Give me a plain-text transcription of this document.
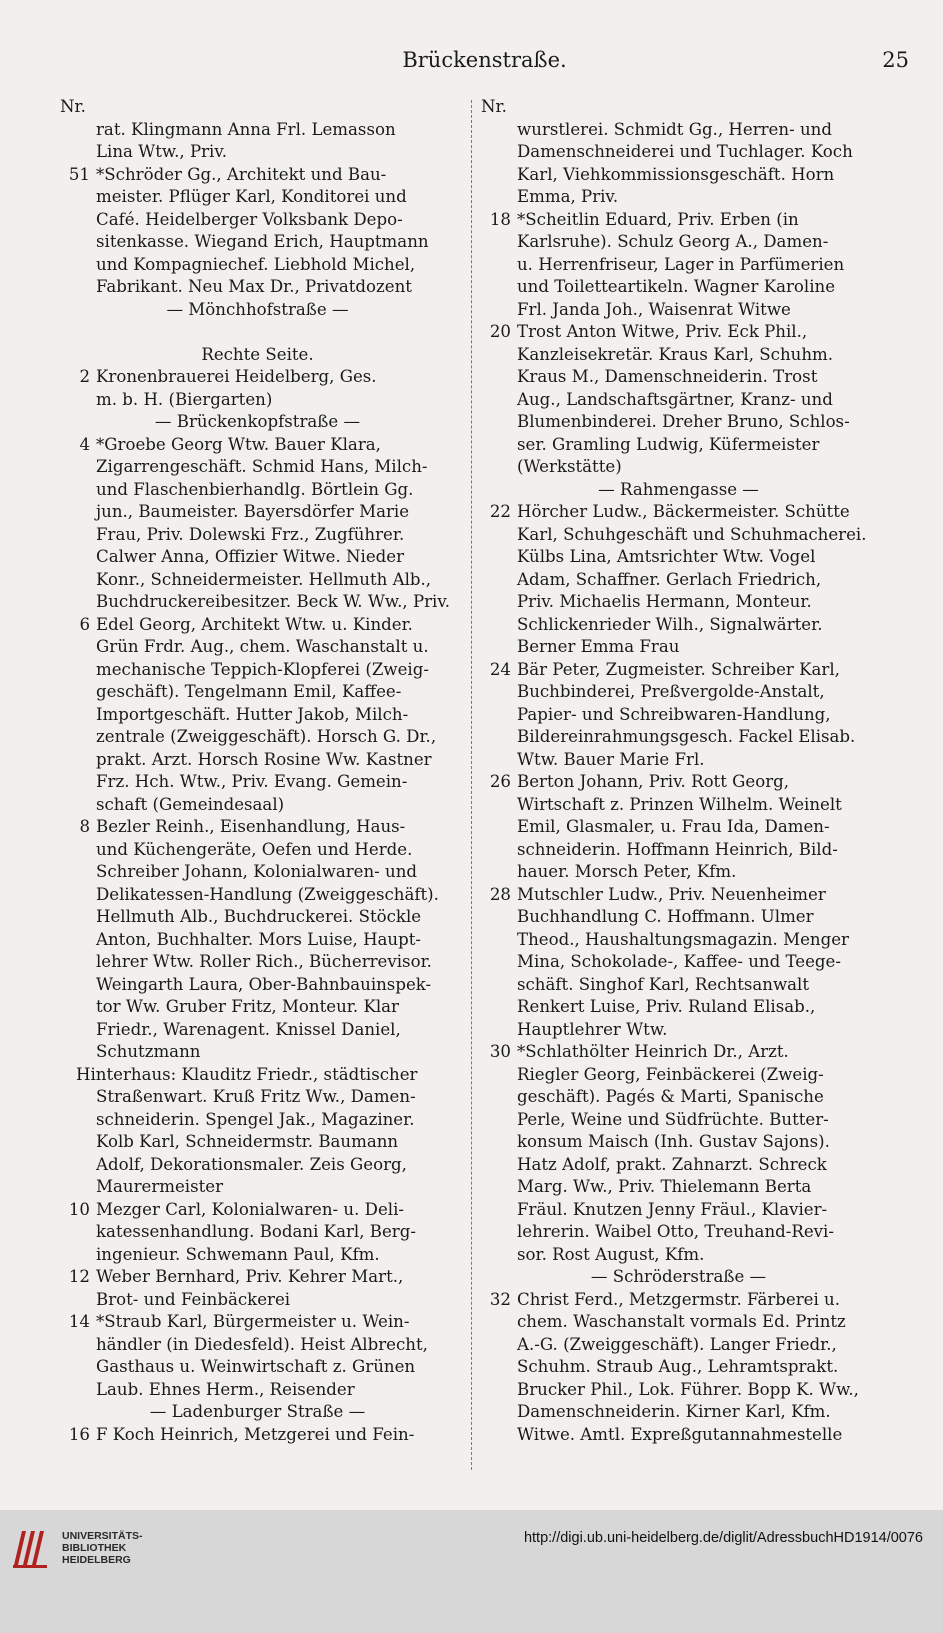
Brückenstraße.	25
Nr.
rat. Klingmann Anna Frl. Lemasson
Lina Wtw., Priv.
51 *Schröder Gg., Architekt und Bau-
meister. Pflüger Karl, Konditorei und
Café. Heidelberger Volksbank Depo-
sitenkasse. Wiegand Erich, Hauptmann
und Kompagniechef. Liebhold Michel,
Fabrikant. Neu Max Dr., Privatdozent
— Mönchhofstraße —
Rechte Seite.
2 Kronenbrauerei Heidelberg, Ges.
m. b. H. (Biergarten)
— Brückenkopfstraße —
4 *Groebe Georg Wtw. Bauer Klara,
Zigarrengeschäft. Schmid Hans, Milch-
und Flaschenbierhandlg. Börtlein Gg.
jun., Baumeister. Bayersdörfer Marie
Frau, Priv. Dolewski Frz., Zugführer.
Calwer Anna, Offizier Witwe. Nieder
Konr., Schneidermeister. Hellmuth Alb.,
Buchdruckereibesitzer. Beck W. Ww., Priv.
6 Edel Georg, Architekt Wtw. u. Kinder.
Grün Frdr. Aug., chem. Waschanstalt u.
mechanische Teppich-Klopferei (Zweig-
geschäft). Tengelmann Emil, Kaffee-
Importgeschäft. Hutter Jakob, Milch-
zentrale (Zweiggeschäft). Horsch G. Dr.,
prakt. Arzt. Horsch Rosine Ww. Kastner
Frz. Hch. Wtw., Priv. Evang. Gemein-
schaft (Gemeindesaal)
8 Bezler Reinh., Eisenhandlung, Haus-
und Küchengeräte, Oefen und Herde.
Schreiber Johann, Kolonialwaren- und
Delikatessen-Handlung (Zweiggeschäft).
Hellmuth Alb., Buchdruckerei. Stöckle
Anton, Buchhalter. Mors Luise, Haupt-
lehrer Wtw. Roller Rich., Bücherrevisor.
Weingarth Laura, Ober-Bahnbauinspek-
tor Ww. Gruber Fritz, Monteur. Klar
Friedr., Warenagent. Knissel Daniel,
Schutzmann
Hinterhaus: Klauditz Friedr., städtischer
Straßenwart. Kruß Fritz Ww., Damen-
schneiderin. Spengel Jak., Magaziner.
Kolb Karl, Schneidermstr. Baumann
Adolf, Dekorationsmaler. Zeis Georg,
Maurermeister
10 Mezger Carl, Kolonialwaren- u. Deli-
katessenhandlung. Bodani Karl, Berg-
ingenieur. Schwemann Paul, Kfm.
12 Weber Bernhard, Priv. Kehrer Mart.,
Brot- und Feinbäckerei
14 *Straub Karl, Bürgermeister u. Wein-
händler (in Diedesfeld). Heist Albrecht,
Gasthaus u. Weinwirtschaft z. Grünen
Laub. Ehnes Herm., Reisender
— Ladenburger Straße —
16 F Koch Heinrich, Metzgerei und Fein-
Nr.
wurstlerei. Schmidt Gg., Herren- und
Damenschneiderei und Tuchlager. Koch
Karl, Viehkommissionsgeschäft. Horn
Emma, Priv.
18 *Scheitlin Eduard, Priv. Erben (in
Karlsruhe). Schulz Georg A., Damen-
u. Herrenfriseur, Lager in Parfümerien
und Toiletteartikeln. Wagner Karoline
Frl. Janda Joh., Waisenrat Witwe
20 Trost Anton Witwe, Priv. Eck Phil.,
Kanzleisekretär. Kraus Karl, Schuhm.
Kraus M., Damenschneiderin. Trost
Aug., Landschaftsgärtner, Kranz- und
Blumenbinderei. Dreher Bruno, Schlos-
ser. Gramling Ludwig, Küfermeister
(Werkstätte)
— Rahmengasse —
22 Hörcher Ludw., Bäckermeister. Schütte
Karl, Schuhgeschäft und Schuhmacherei.
Külbs Lina, Amtsrichter Wtw. Vogel
Adam, Schaffner. Gerlach Friedrich,
Priv. Michaelis Hermann, Monteur.
Schlickenrieder Wilh., Signalwärter.
Berner Emma Frau
24 Bär Peter, Zugmeister. Schreiber Karl,
Buchbinderei, Preßvergolde-Anstalt,
Papier- und Schreibwaren-Handlung,
Bildereinrahmungsgesch. Fackel Elisab.
Wtw. Bauer Marie Frl.
26 Berton Johann, Priv. Rott Georg,
Wirtschaft z. Prinzen Wilhelm. Weinelt
Emil, Glasmaler, u. Frau Ida, Damen-
schneiderin. Hoffmann Heinrich, Bild-
hauer. Morsch Peter, Kfm.
28 Mutschler Ludw., Priv. Neuenheimer
Buchhandlung C. Hoffmann. Ulmer
Theod., Haushaltungsmagazin. Menger
Mina, Schokolade-, Kaffee- und Teege-
schäft. Singhof Karl, Rechtsanwalt
Renkert Luise, Priv. Ruland Elisab.,
Hauptlehrer Wtw.
30 *Schlathölter Heinrich Dr., Arzt.
Riegler Georg, Feinbäckerei (Zweig-
geschäft). Pagés & Marti, Spanische
Perle, Weine und Südfrüchte. Butter-
konsum Maisch (Inh. Gustav Sajons).
Hatz Adolf, prakt. Zahnarzt. Schreck
Marg. Ww., Priv. Thielemann Berta
Fräul. Knutzen Jenny Fräul., Klavier-
lehrerin. Waibel Otto, Treuhand-Revi-
sor. Rost August, Kfm.
— Schröderstraße —
32 Christ Ferd., Metzgermstr. Färberei u.
chem. Waschanstalt vormals Ed. Printz
A.-G. (Zweiggeschäft). Langer Friedr.,
Schuhm. Straub Aug., Lehramtsprakt.
Brucker Phil., Lok. Führer. Bopp K. Ww.,
Damenschneiderin. Kirner Karl, Kfm.
Witwe. Amtl. Expreßgutannahmestelle
UNIVERSITÄTS-
BIBLIOTHEK
HEIDELBERG
http://digi.ub.uni-heidelberg.de/diglit/AdressbuchHD1914/0076
